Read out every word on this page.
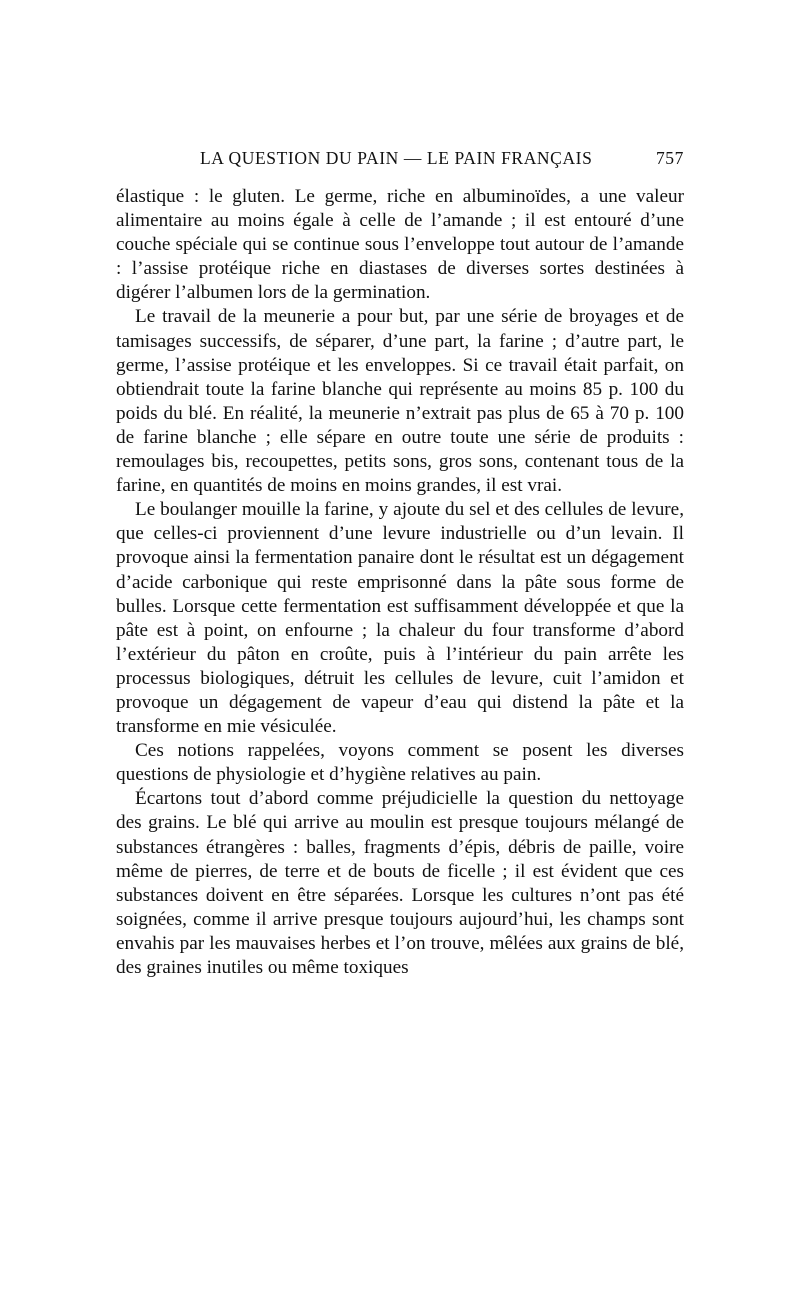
LA QUESTION DU PAIN — LE PAIN FRANÇAIS	757

élastique : le gluten. Le germe, riche en albuminoïdes, a une valeur alimentaire au moins égale à celle de l’amande ; il est entouré d’une couche spéciale qui se continue sous l’enveloppe tout autour de l’amande : l’assise protéique riche en diastases de diverses sortes destinées à digérer l’albumen lors de la germination.

Le travail de la meunerie a pour but, par une série de broyages et de tamisages successifs, de séparer, d’une part, la farine ; d’autre part, le germe, l’assise protéique et les enveloppes. Si ce travail était parfait, on obtiendrait toute la farine blanche qui représente au moins 85 p. 100 du poids du blé. En réalité, la meunerie n’extrait pas plus de 65 à 70 p. 100 de farine blanche ; elle sépare en outre toute une série de produits : remoulages bis, recoupettes, petits sons, gros sons, contenant tous de la farine, en quantités de moins en moins grandes, il est vrai.

Le boulanger mouille la farine, y ajoute du sel et des cellules de levure, que celles-ci proviennent d’une levure industrielle ou d’un levain. Il provoque ainsi la fermentation panaire dont le résultat est un dégagement d’acide carbonique qui reste emprisonné dans la pâte sous forme de bulles. Lorsque cette fermentation est suffisamment développée et que la pâte est à point, on enfourne ; la chaleur du four transforme d’abord l’extérieur du pâton en croûte, puis à l’intérieur du pain arrête les processus biologiques, détruit les cellules de levure, cuit l’amidon et provoque un dégagement de vapeur d’eau qui distend la pâte et la transforme en mie vésiculée.

Ces notions rappelées, voyons comment se posent les diverses questions de physiologie et d’hygiène relatives au pain.

Écartons tout d’abord comme préjudicielle la question du nettoyage des grains. Le blé qui arrive au moulin est presque toujours mélangé de substances étrangères : balles, fragments d’épis, débris de paille, voire même de pierres, de terre et de bouts de ficelle ; il est évident que ces substances doivent en être séparées. Lorsque les cultures n’ont pas été soignées, comme il arrive presque toujours aujourd’hui, les champs sont envahis par les mauvaises herbes et l’on trouve, mêlées aux grains de blé, des graines inutiles ou même toxiques
